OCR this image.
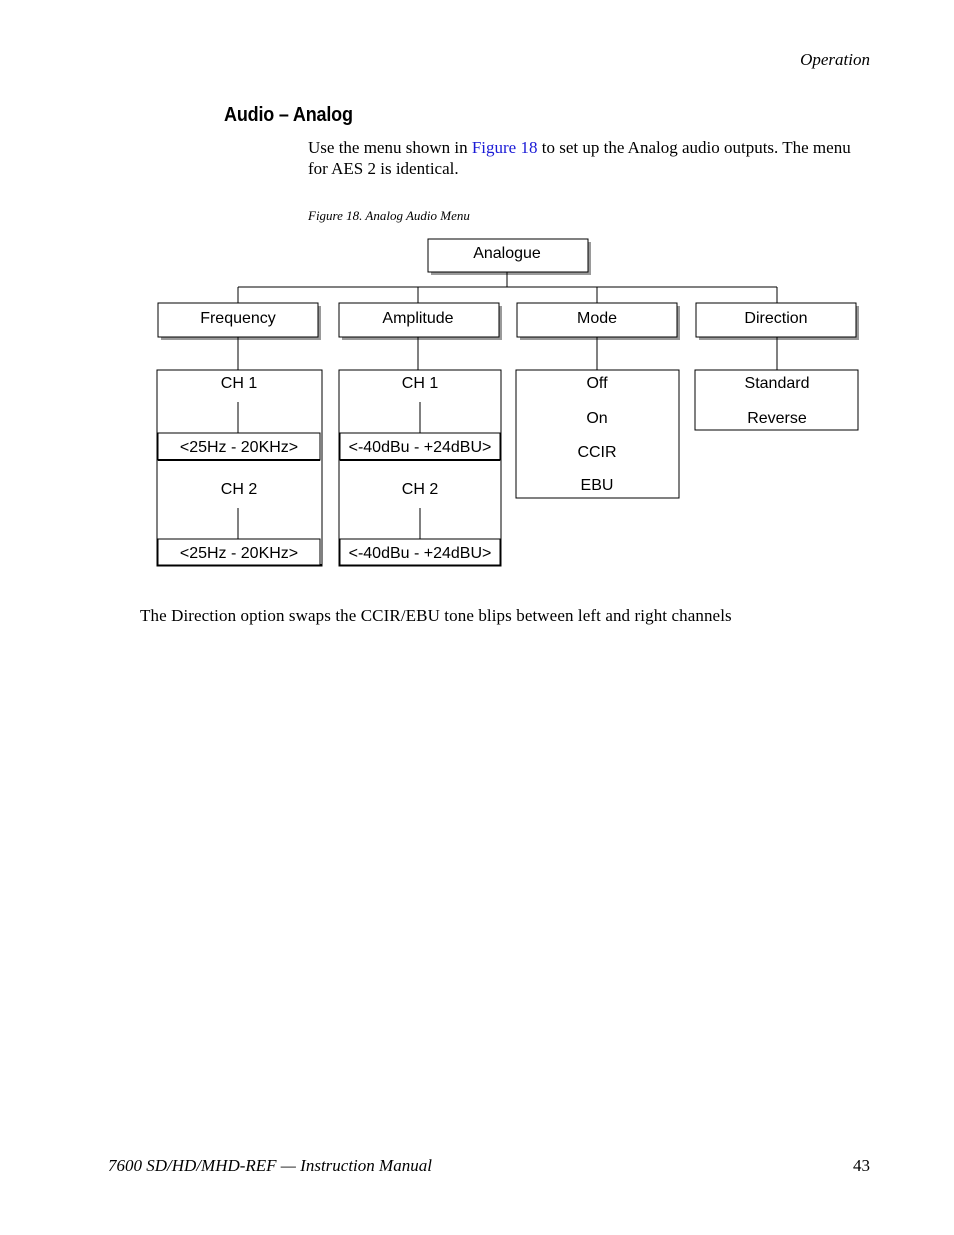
Operation
Audio – Analog
Use the menu shown in Figure 18 to set up the Analog audio outputs. The menu for AES 2 is identical.
Figure 18. Analog Audio Menu
Analogue
Frequency	Amplitude	Mode	Direction
CH 1
<25Hz - 20KHz>
CH 2
<25Hz - 20KHz>
CH 1
<-40dBu - +24dBU>
CH 2
<-40dBu - +24dBU>
Off
On
CCIR
EBU
Standard
Reverse
The Direction option swaps the CCIR/EBU tone blips between left and right channels
7600 SD/HD/MHD-REF — Instruction Manual	43
